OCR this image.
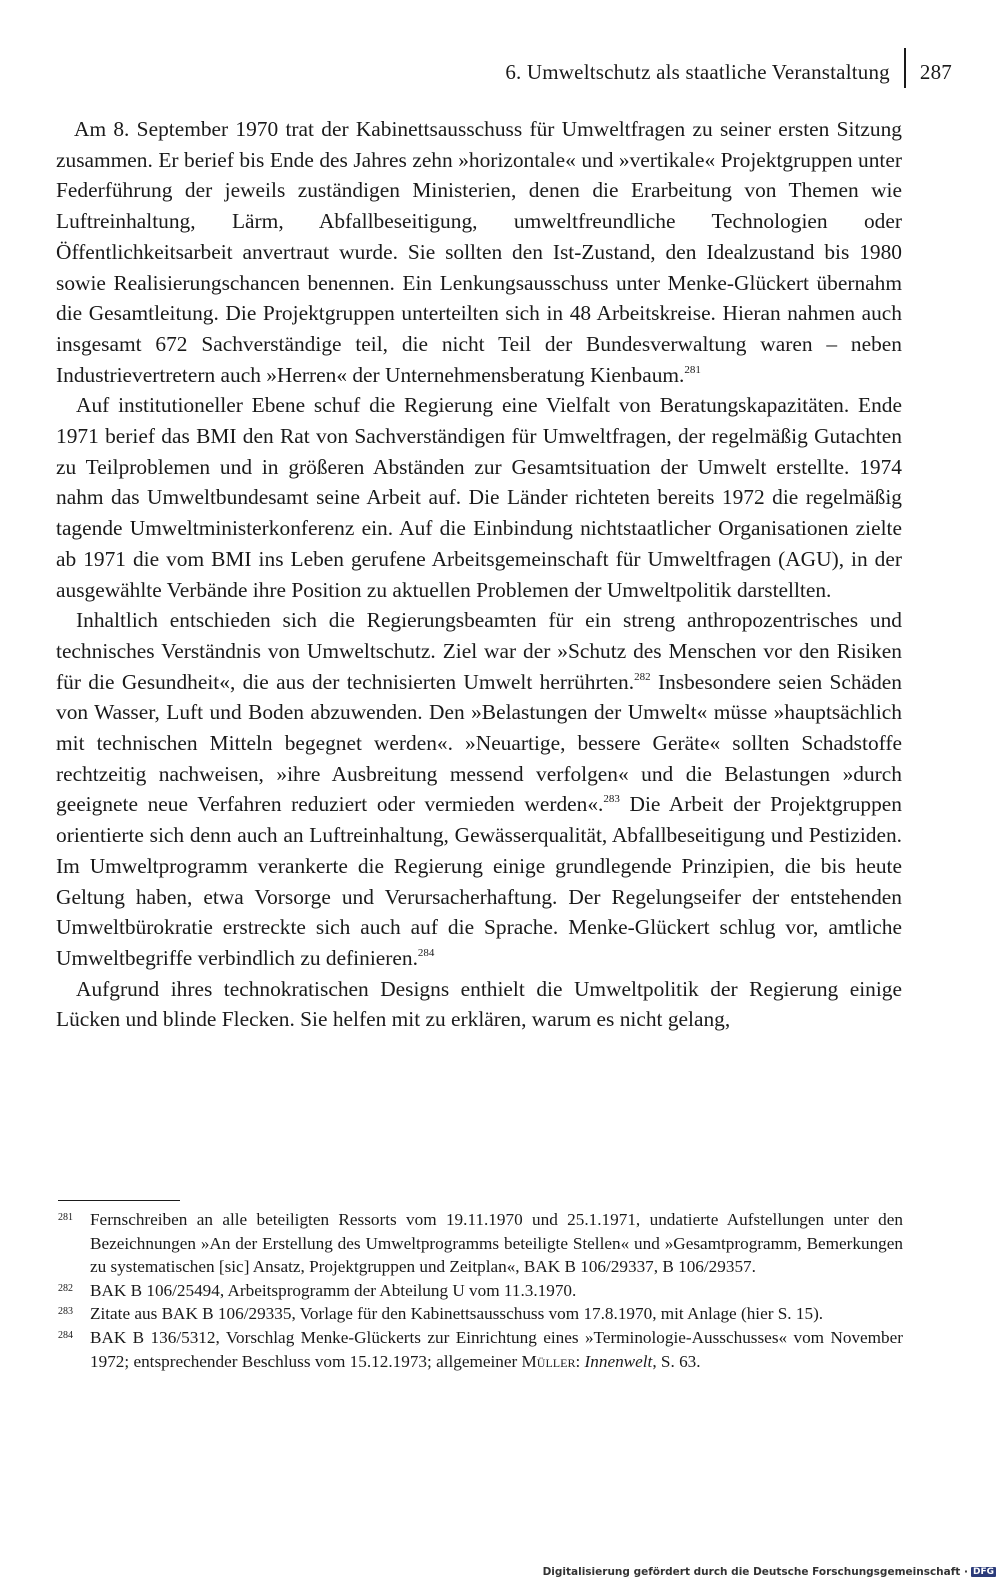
6. Umweltschutz als staatliche Veranstaltung 287

Am 8. September 1970 trat der Kabinettsausschuss für Umweltfragen zu seiner ersten Sitzung zusammen. Er berief bis Ende des Jahres zehn »horizontale« und »vertikale« Projektgruppen unter Federführung der jeweils zuständigen Ministerien, denen die Erarbeitung von Themen wie Luftreinhaltung, Lärm, Abfallbeseitigung, umweltfreundliche Technologien oder Öffentlichkeitsarbeit anvertraut wurde. Sie sollten den Ist-Zustand, den Idealzustand bis 1980 sowie Realisierungschancen benennen. Ein Lenkungsausschuss unter Menke-Glückert übernahm die Gesamtleitung. Die Projektgruppen unterteilten sich in 48 Arbeitskreise. Hieran nahmen auch insgesamt 672 Sachverständige teil, die nicht Teil der Bundesverwaltung waren – neben Industrievertretern auch »Herren« der Unternehmensberatung Kienbaum.$^{281}$

Auf institutioneller Ebene schuf die Regierung eine Vielfalt von Beratungskapazitäten. Ende 1971 berief das BMI den Rat von Sachverständigen für Umweltfragen, der regelmäßig Gutachten zu Teilproblemen und in größeren Abständen zur Gesamtsituation der Umwelt erstellte. 1974 nahm das Umweltbundesamt seine Arbeit auf. Die Länder richteten bereits 1972 die regelmäßig tagende Umweltministerkonferenz ein. Auf die Einbindung nichtstaatlicher Organisationen zielte ab 1971 die vom BMI ins Leben gerufene Arbeitsgemeinschaft für Umweltfragen (AGU), in der ausgewählte Verbände ihre Position zu aktuellen Problemen der Umweltpolitik darstellten.

Inhaltlich entschieden sich die Regierungsbeamten für ein streng anthropozentrisches und technisches Verständnis von Umweltschutz. Ziel war der »Schutz des Menschen vor den Risiken für die Gesundheit«, die aus der technisierten Umwelt herrührten.$^{282}$ Insbesondere seien Schäden von Wasser, Luft und Boden abzuwenden. Den »Belastungen der Umwelt« müsse »hauptsächlich mit technischen Mitteln begegnet werden«. »Neuartige, bessere Geräte« sollten Schadstoffe rechtzeitig nachweisen, »ihre Ausbreitung messend verfolgen« und die Belastungen »durch geeignete neue Verfahren reduziert oder vermieden werden«.$^{283}$ Die Arbeit der Projektgruppen orientierte sich denn auch an Luftreinhaltung, Gewässerqualität, Abfallbeseitigung und Pestiziden. Im Umweltprogramm verankerte die Regierung einige grundlegende Prinzipien, die bis heute Geltung haben, etwa Vorsorge und Verursacherhaftung. Der Regelungseifer der entstehenden Umweltbürokratie erstreckte sich auch auf die Sprache. Menke-Glückert schlug vor, amtliche Umweltbegriffe verbindlich zu definieren.$^{284}$

Aufgrund ihres technokratischen Designs enthielt die Umweltpolitik der Regierung einige Lücken und blinde Flecken. Sie helfen mit zu erklären, warum es nicht gelang,

281 Fernschreiben an alle beteiligten Ressorts vom 19.11.1970 und 25.1.1971, undatierte Aufstellungen unter den Bezeichnungen »An der Erstellung des Umweltprogramms beteiligte Stellen« und »Gesamtprogramm, Bemerkungen zu systematischen [sic] Ansatz, Projektgruppen und Zeitplan«, BAK B 106/29337, B 106/29357.
282 BAK B 106/25494, Arbeitsprogramm der Abteilung U vom 11.3.1970.
283 Zitate aus BAK B 106/29335, Vorlage für den Kabinettsausschuss vom 17.8.1970, mit Anlage (hier S. 15).
284 BAK B 136/5312, Vorschlag Menke-Glückerts zur Einrichtung eines »Terminologie-Ausschusses« vom November 1972; entsprechender Beschluss vom 15.12.1973; allgemeiner Müller: Innenwelt, S. 63.
Digitalisierung gefördert durch die Deutsche Forschungsgemeinschaft · DFG
